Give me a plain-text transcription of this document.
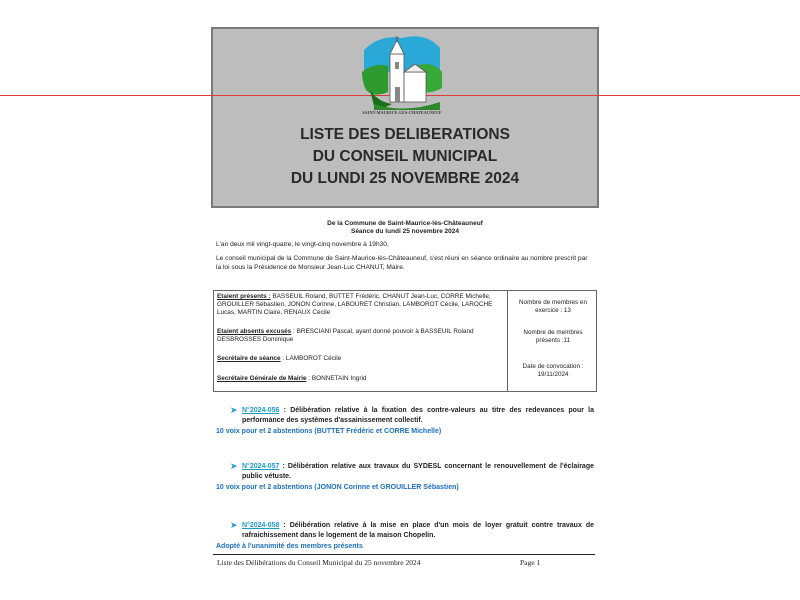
SAINT-MAURICE-LES-CHATEAUNEUF
LISTE DES DELIBERATIONS
DU CONSEIL MUNICIPAL
DU LUNDI 25 NOVEMBRE 2024
De la Commune de Saint-Maurice-lès-Châteauneuf
Séance du lundi 25 novembre 2024
L'an deux mil vingt-quatre, le vingt-cinq novembre à 19h30,
Le conseil municipal de la Commune de Saint-Maurice-lès-Châteauneuf, s'est réuni en séance ordinaire au nombre prescrit par la loi sous la Présidence de Monsieur Jean-Luc CHANUT, Maire.
Etaient présents : BASSEUIL Roland, BUTTET Frédéric, CHANUT Jean-Luc, CORRE Michelle, GROUILLER Sébastien, JONON Corinne, LABOURET Christian, LAMBOROT Cécile, LAROCHE Lucas, MARTIN Claire, RENAUX Cécile
Etaient absents excusés : BRESCIANI Pascal, ayant donné pouvoir à BASSEUIL Roland DESBROSSES Dominique
Secrétaire de séance : LAMBOROT Cécile
Secrétaire Générale de Mairie : BONNETAIN Ingrid
Nombre de membres en exercice : 13
Nombre de membres présents :11
Date de convocation :
19/11/2024
➤ N°2024-056 : Délibération relative à la fixation des contre-valeurs au titre des redevances pour la performance des systèmes d'assainissement collectif.
10 voix pour et 2 abstentions (BUTTET Frédéric et CORRE Michelle)
➤ N°2024-057 : Délibération relative aux travaux du SYDESL concernant le renouvellement de l'éclairage public vétuste.
10 voix pour et 2 abstentions (JONON Corinne et GROUILLER Sébastien)
➤ N°2024-058 : Délibération relative à la mise en place d'un mois de loyer gratuit contre travaux de rafraichissement dans le logement de la maison Chopelin.
Adopté à l'unanimité des membres présents
Liste des Délibérations du Conseil Municipal du 25 novembre 2024	Page 1
